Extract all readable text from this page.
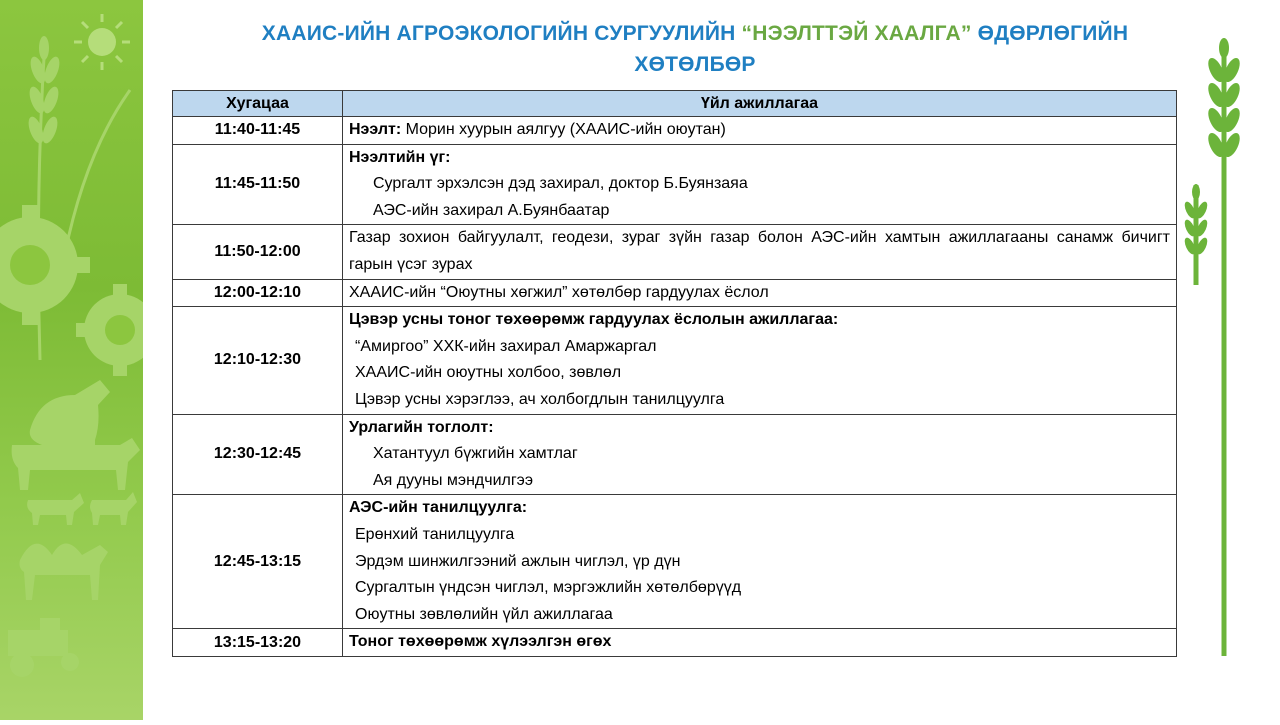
ХААИС-ИЙН АГРОЭКОЛОГИЙН СУРГУУЛИЙН “НЭЭЛТТЭЙ ХААЛГА” ӨДӨРЛӨГИЙН
ХӨТӨЛБӨР
Хугацаа	Үйл ажиллагаа
11:40-11:45	Нээлт: Морин хуурын аялгуу (ХААИС-ийн оюутан)

11:45-11:50	Нээлтийн үг:
Сургалт эрхэлсэн дэд захирал, доктор Б.Буянзаяа
АЭС-ийн захирал А.Буянбаатар

11:50-12:00	Газар зохион байгуулалт, геодези, зураг зүйн газар болон АЭС-ийн хамтын ажиллагааны санамж бичигт гарын үсэг зурах

12:00-12:10	ХААИС-ийн “Оюутны хөгжил” хөтөлбөр гардуулах ёслол

12:10-12:30	Цэвэр усны тоног төхөөрөмж гардуулах ёслолын ажиллагаа:
“Амиргоо” ХХК-ийн захирал Амаржаргал
ХААИС-ийн оюутны холбоо, зөвлөл
Цэвэр усны хэрэглээ, ач холбогдлын танилцуулга

12:30-12:45	Урлагийн тоглолт:
Хатантуул бүжгийн хамтлаг
Ая дууны мэндчилгээ

12:45-13:15	АЭС-ийн танилцуулга:
Ерөнхий танилцуулга
Эрдэм шинжилгээний ажлын чиглэл, үр дүн
Сургалтын үндсэн чиглэл, мэргэжлийн хөтөлбөрүүд
Оюутны зөвлөлийн үйл ажиллагаа

13:15-13:20	Тоног төхөөрөмж хүлээлгэн өгөх
